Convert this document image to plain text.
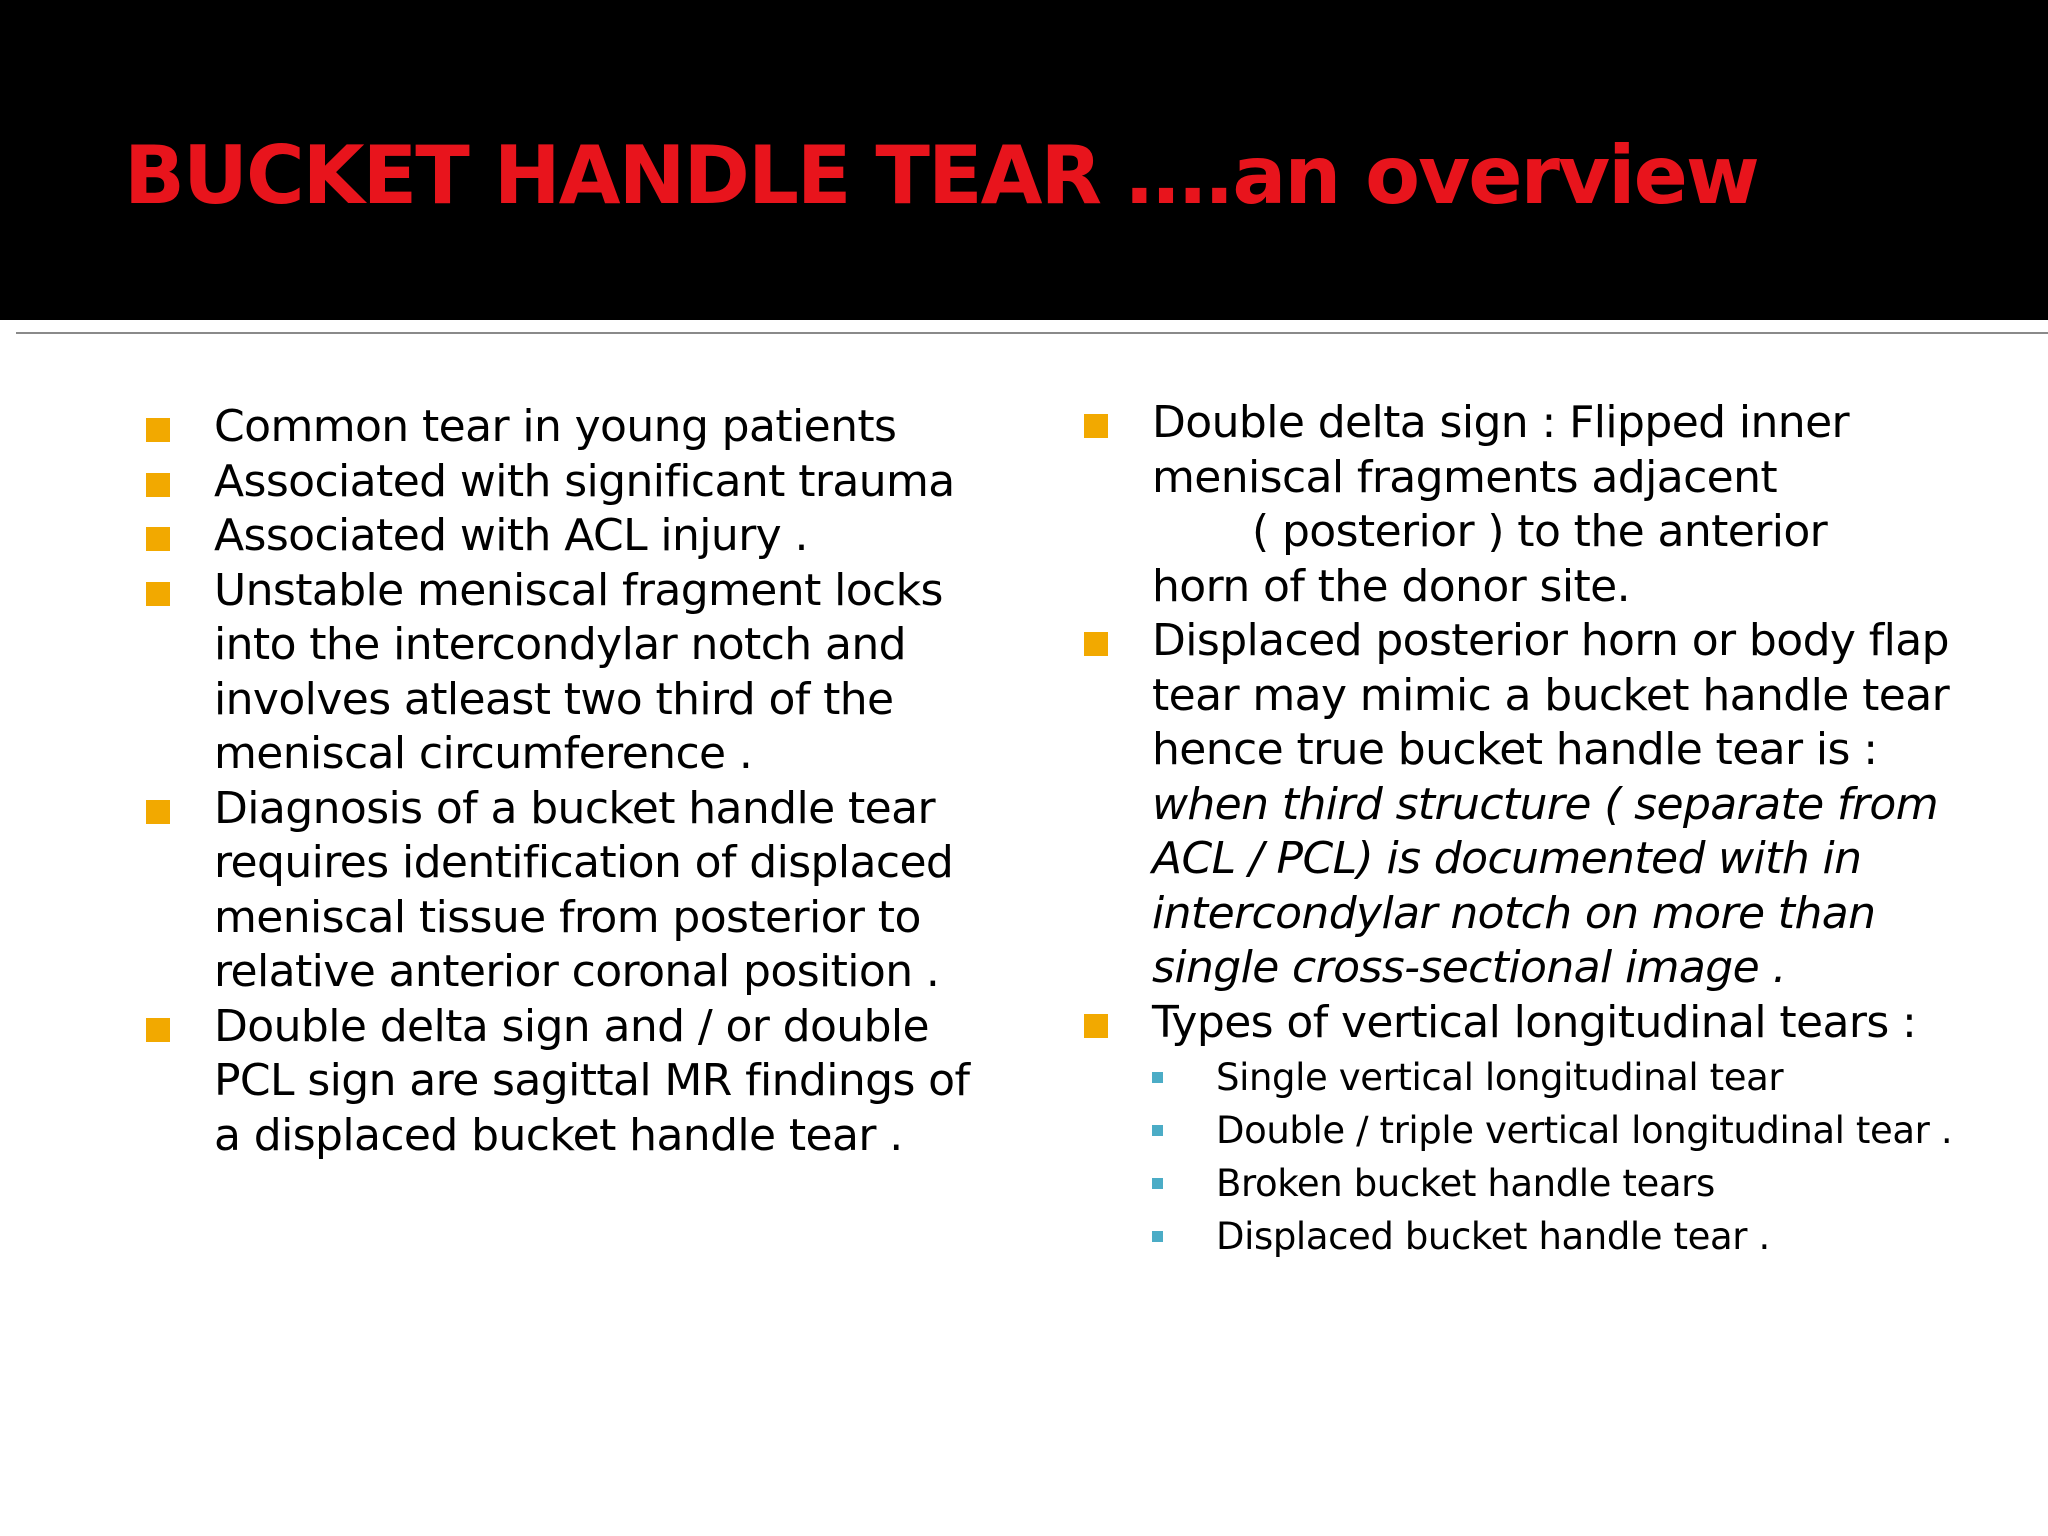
BUCKET HANDLE TEAR ….an overview
Common tear in young patients
Associated with significant trauma
Associated with ACL injury .
Unstable meniscal fragment locks into the intercondylar notch and involves atleast two third of the meniscal circumference .
Diagnosis of a bucket handle tear requires identification of displaced meniscal tissue from posterior to relative anterior coronal position .
Double delta sign and / or double PCL sign are sagittal MR findings of a displaced bucket handle tear .
Double delta sign : Flipped inner
meniscal fragments adjacent
( posterior ) to the anterior
horn of the donor site.
Displaced posterior horn or body flap tear may mimic a bucket handle tear hence true bucket handle tear is : when third structure ( separate from ACL / PCL) is documented with in intercondylar notch on more than single cross-sectional image .
Types of vertical longitudinal tears :
Single vertical longitudinal tear
Double / triple vertical longitudinal tear .
Broken bucket handle tears
Displaced bucket handle tear .
